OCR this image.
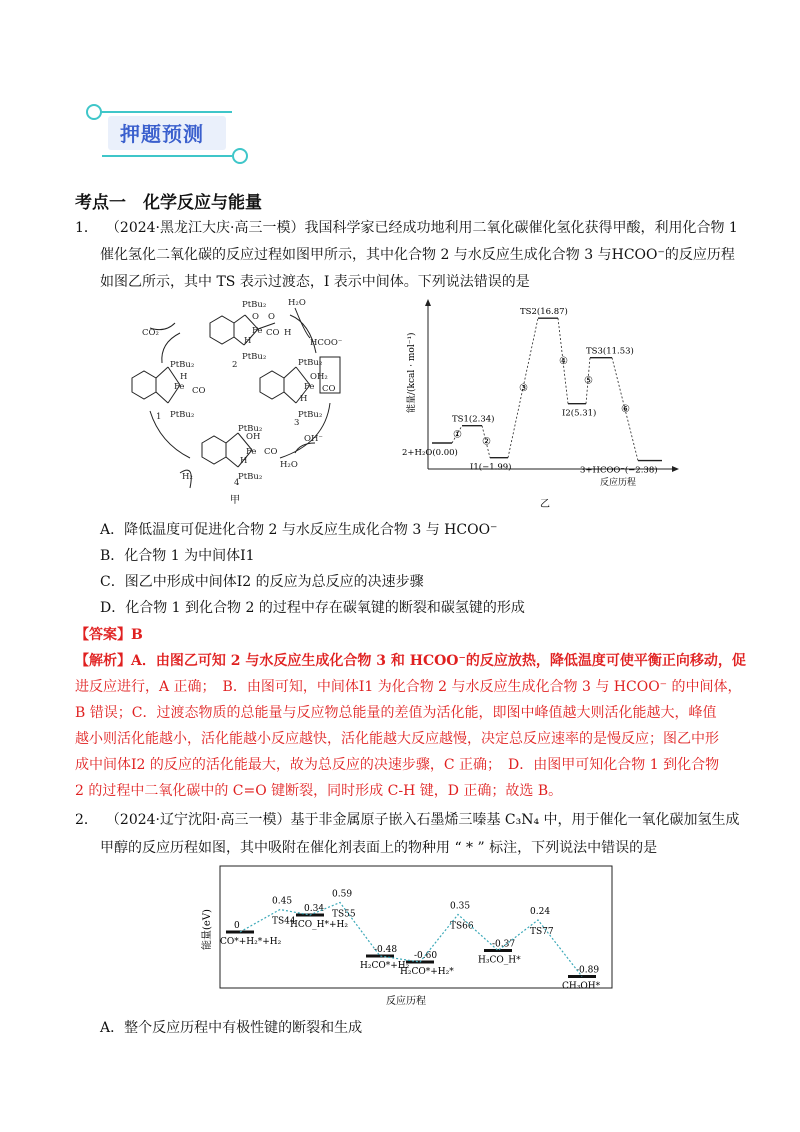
押题预测
考点一　化学反应与能量
1． （2024·黑龙江大庆·高三一模）我国科学家已经成功地利用二氧化碳催化氢化获得甲酸，利用化合物 1
催化氢化二氧化碳的反应过程如图甲所示，其中化合物 2 与水反应生成化合物 3 与HCOO⁻的反应历程
如图乙所示，其中 TS 表示过渡态，Ⅰ 表示中间体。下列说法错误的是
CO₂
PtBu₂
PtBu₂
PtBu₂
PtBu₂
PtBu₂
PtBu₂
PtBu₂
PtBu₂
Fe
Fe	Fe
Fe
CO
CO	CO
CO
H
H
H
H
OH₂
OH
H₂O
HCOO⁻
OH⁻
H₂O
H₂
1
2
3
4
O
O
H
甲
能量/(kcal · mol⁻¹)
反应历程
2+H₂O(0.00)
①
TS1(2.34)
②
I1(−1.99)
③
TS2(16.87)
④
I2(5.31)
⑤
TS3(11.53)
⑥
3+HCOO⁻(−2.38)
乙
A．降低温度可促进化合物 2 与水反应生成化合物 3 与 HCOO⁻
B．化合物 1 为中间体Ⅰ1
C．图乙中形成中间体Ⅰ2 的反应为总反应的决速步骤
D．化合物 1 到化合物 2 的过程中存在碳氧键的断裂和碳氢键的形成
【答案】B
【解析】A．由图乙可知 2 与水反应生成化合物 3 和 HCOO⁻的反应放热，降低温度可使平衡正向移动，促
进反应进行，A 正确；　B．由图可知，中间体Ⅰ1 为化合物 2 与水反应生成化合物 3 与 HCOO⁻ 的中间体，
B 错误；C．过渡态物质的总能量与反应物总能量的差值为活化能，即图中峰值越大则活化能越大，峰值
越小则活化能越小，活化能越小反应越快，活化能越大反应越慢，决定总反应速率的是慢反应；图乙中形
成中间体Ⅰ2 的反应的活化能最大，故为总反应的决速步骤，C 正确；　D．由图甲可知化合物 1 到化合物
2 的过程中二氧化碳中的 C=O 键断裂，同时形成 C-H 键，D 正确；故选 B。
2． （2024·辽宁沈阳·高三一模）基于非金属原子嵌入石墨烯三嗪基 C₃N₄ 中，用于催化一氧化碳加氢生成
甲醇的反应历程如图，其中吸附在催化剂表面上的物种用 “ * ” 标注，下列说法中错误的是
能量(eV)
反应历程
CO*+H₂*+H₂
0	TS44
0.45
HCO_H*+H₂
0.34
TS55
0.59
H₂CO*+H₂
-0.48
H₂CO*+H₂*
-0.60
TS66
0.35
H₃CO_H*
-0.37
TS77
0.24
CH₃OH*
-0.89
A．整个反应历程中有极性键的断裂和生成
